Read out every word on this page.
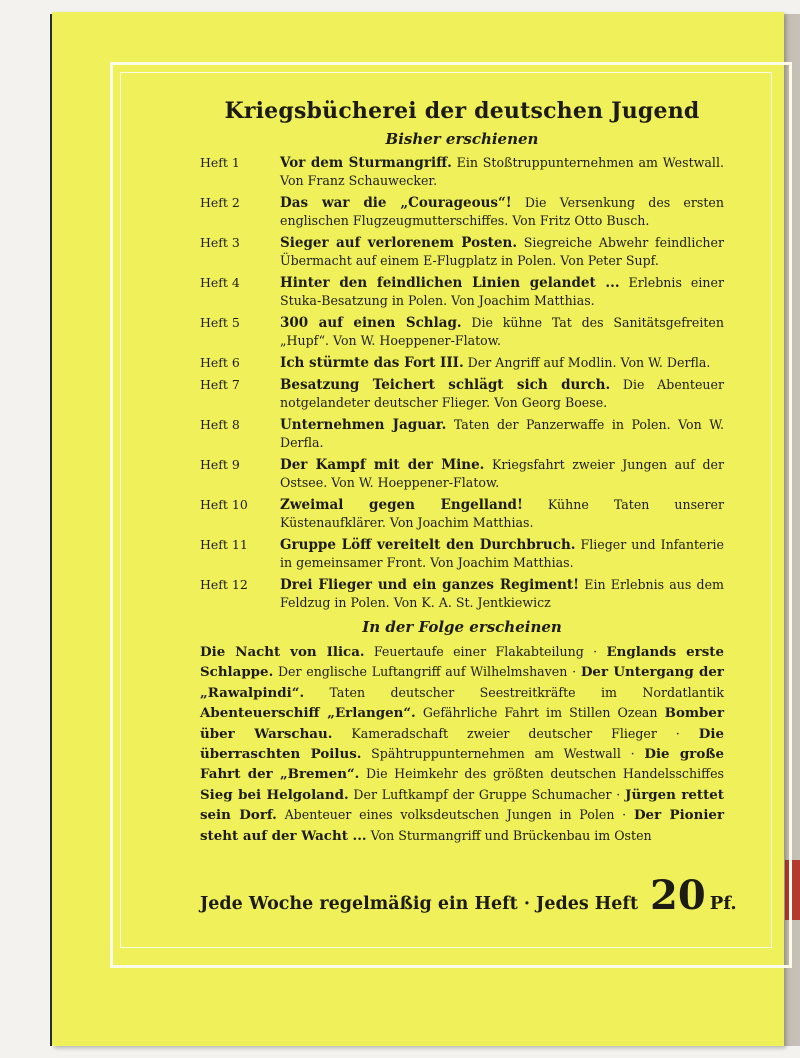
Kriegsbücherei der deutschen Jugend
Bisher erschienen
Heft 1	Vor dem Sturmangriff. Ein Stoßtruppunternehmen am Westwall. Von Franz Schauwecker.
Heft 2	Das war die „Courageous“! Die Versenkung des ersten englischen Flugzeugmutterschiffes. Von Fritz Otto Busch.
Heft 3	Sieger auf verlorenem Posten. Siegreiche Abwehr feindlicher Übermacht auf einem E-Flugplatz in Polen. Von Peter Supf.
Heft 4	Hinter den feindlichen Linien gelandet ... Erlebnis einer Stuka-Besatzung in Polen. Von Joachim Matthias.
Heft 5	300 auf einen Schlag. Die kühne Tat des Sanitätsgefreiten „Hupf“. Von W. Hoeppener-Flatow.
Heft 6	Ich stürmte das Fort III. Der Angriff auf Modlin. Von W. Derfla.
Heft 7	Besatzung Teichert schlägt sich durch. Die Abenteuer notgelandeter deutscher Flieger. Von Georg Boese.
Heft 8	Unternehmen Jaguar. Taten der Panzerwaffe in Polen. Von W. Derfla.
Heft 9	Der Kampf mit der Mine. Kriegsfahrt zweier Jungen auf der Ostsee. Von W. Hoeppener-Flatow.
Heft 10	Zweimal gegen Engelland! Kühne Taten unserer Küstenaufklärer. Von Joachim Matthias.
Heft 11	Gruppe Löff vereitelt den Durchbruch. Flieger und Infanterie in gemeinsamer Front. Von Joachim Matthias.
Heft 12	Drei Flieger und ein ganzes Regiment! Ein Erlebnis aus dem Feldzug in Polen. Von K. A. St. Jentkiewicz
In der Folge erscheinen

Die Nacht von Ilica. Feuertaufe einer Flakabteilung · Englands erste Schlappe. Der englische Luftangriff auf Wilhelmshaven · Der Untergang der „Rawalpindi“. Taten deutscher Seestreitkräfte im Nordatlantik Abenteuerschiff „Erlangen“. Gefährliche Fahrt im Stillen Ozean Bomber über Warschau. Kameradschaft zweier deutscher Flieger · Die überraschten Poilus. Spähtruppunternehmen am Westwall · Die große Fahrt der „Bremen“. Die Heimkehr des größten deutschen Handelsschiffes Sieg bei Helgoland. Der Luftkampf der Gruppe Schumacher · Jürgen rettet sein Dorf. Abenteuer eines volksdeutschen Jungen in Polen · Der Pionier steht auf der Wacht ... Von Sturmangriff und Brückenbau im Osten

Jede Woche regelmäßig ein Heft · Jedes Heft 20 Pf.
